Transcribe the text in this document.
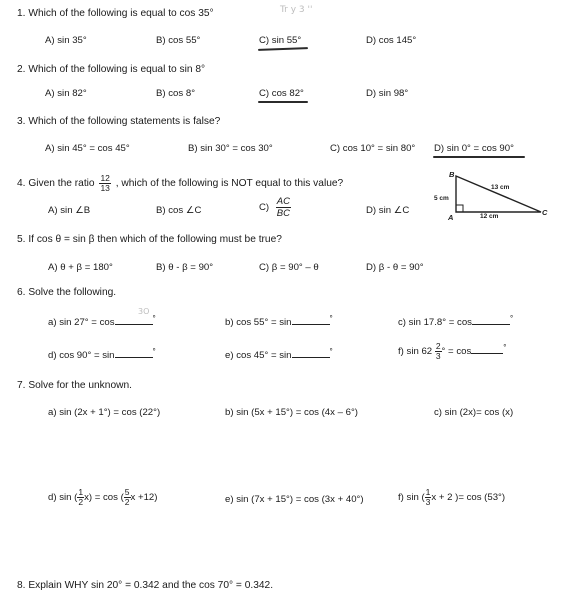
1. Which of the following is equal to cos 35°	Tr y 3 ''
A) sin 35°	B) cos 55°	C) sin 55°	D) cos 145°
2. Which of the following is equal to sin 8°
A) sin 82°	B) cos 8°	C) cos 82°	D) sin 98°
3. Which of the following statements is false?
A) sin 45° = cos 45°	B) sin 30° = cos 30°	C) cos 10° = sin 80° D) sin 0° = cos 90°
4. Given the ratio $\frac{12}{13}$ , which of the following is NOT equal to this value?
A) sin ∠B	B) cos ∠C	$C) \frac{AC}{BC}$	D) sin ∠C
B
A
C
5 cm
13 cm
12 cm
5. If cos θ = sin β then which of the following must be true?
A) θ + β = 180°	B) θ - β = 90°	C) β = 90° – θ	D) β - θ = 90°
6. Solve the following.
3O
a) sin 27° = cos	°	b) cos 55° = sin	°	c) sin 17.8° = cos	°
d) cos 90° = sin	°	e) cos 45° = sin	°	f) $\sin 62 \frac{2}{3}$ ° = cos	°
7. Solve for the unknown.
a) sin (2x + 1°) = cos (22°)	b) sin (5x + 15°) = cos (4x – 6°)	c) sin (2x)= cos (x)
d) sin ( $\frac{1}{2} x) = \cos$ ( $\frac{5}{2}$ x +12)	e) sin (7x + 15°) = cos (3x + 40°)	f) sin ( $\frac{1}{3}$ x + 2 )= cos (53°)
8. Explain WHY sin 20° = 0.342 and the cos 70° = 0.342.
